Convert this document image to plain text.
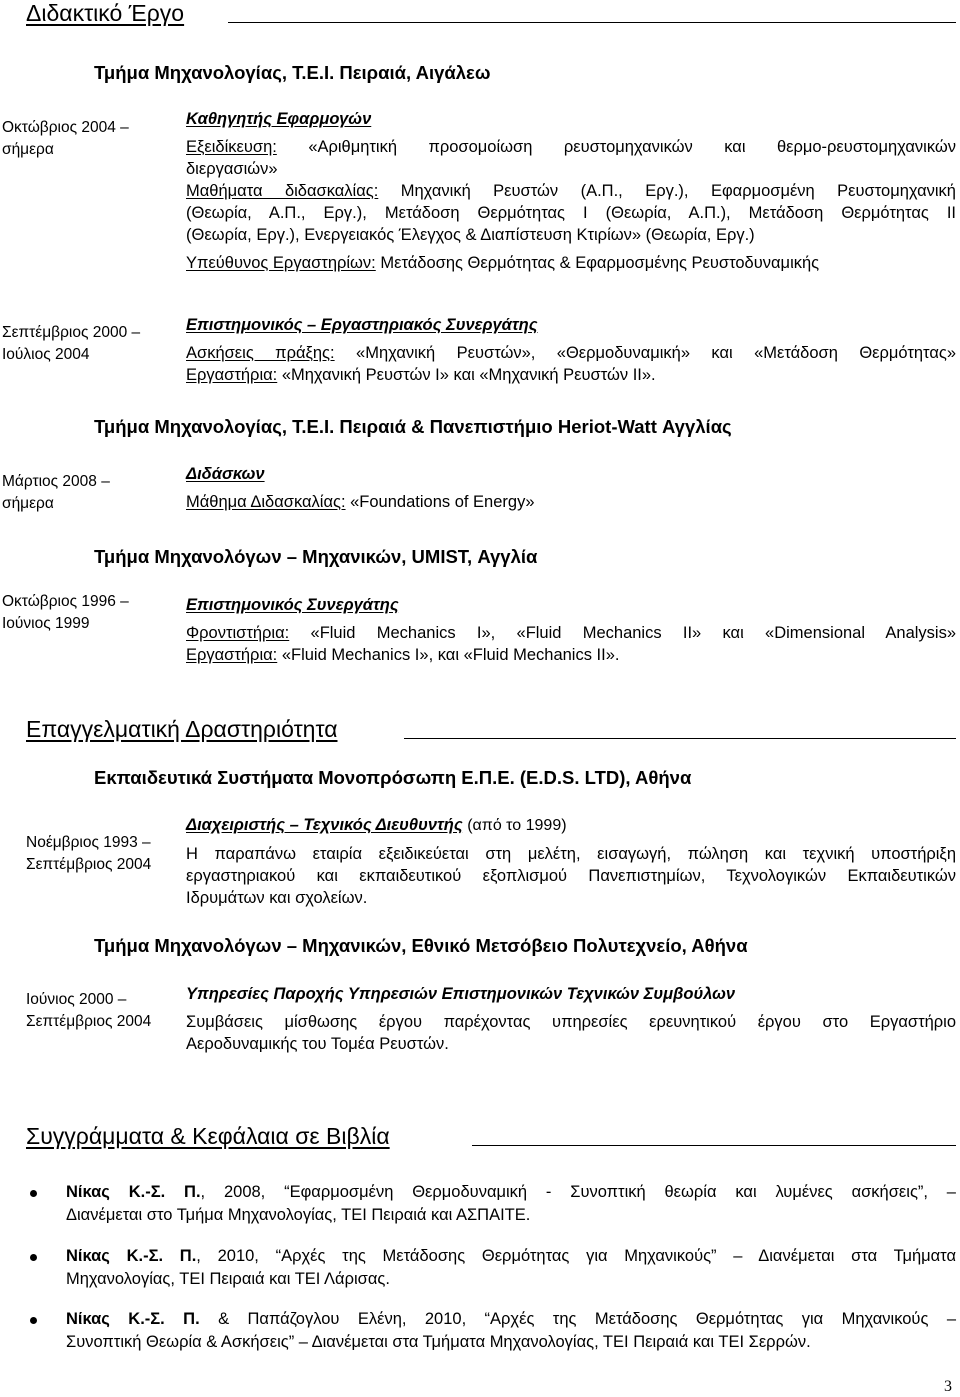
Διδακτικό Έργο
Τμήμα Μηχανολογίας, Τ.Ε.Ι. Πειραιά, Αιγάλεω
Οκτώβριος 2004 –
σήμερα
Καθηγητής Εφαρμογών
Εξειδίκευση: «Αριθμητική προσομοίωση ρευστομηχανικών και θερμο-ρευστομηχανικών
διεργασιών»
Μαθήματα διδασκαλίας: Μηχανική Ρευστών (Α.Π., Εργ.), Εφαρμοσμένη Ρευστομηχανική
(Θεωρία, Α.Π., Εργ.), Μετάδοση Θερμότητας Ι (Θεωρία, Α.Π.), Μετάδοση Θερμότητας ΙΙ
(Θεωρία, Εργ.), Ενεργειακός Έλεγχος & Διαπίστευση Κτιρίων» (Θεωρία, Εργ.)
Υπεύθυνος Εργαστηρίων: Μετάδοσης Θερμότητας & Εφαρμοσμένης Ρευστοδυναμικής
Σεπτέμβριος 2000 –
Ιούλιος 2004
Επιστημονικός – Εργαστηριακός Συνεργάτης
Ασκήσεις πράξης: «Μηχανική Ρευστών», «Θερμοδυναμική» και «Μετάδοση Θερμότητας»
Εργαστήρια: «Μηχανική Ρευστών Ι» και «Μηχανική Ρευστών ΙΙ».
Τμήμα Μηχανολογίας, Τ.Ε.Ι. Πειραιά & Πανεπιστήμιο Heriot-Watt Αγγλίας
Μάρτιος 2008 –
σήμερα
Διδάσκων
Μάθημα Διδασκαλίας: «Foundations of Energy»
Τμήμα Μηχανολόγων – Μηχανικών, UMIST, Αγγλία
Οκτώβριος 1996 –
Ιούνιος 1999
Επιστημονικός Συνεργάτης
Φροντιστήρια: «Fluid Mechanics I», «Fluid Mechanics II» και «Dimensional Analysis»
Εργαστήρια: «Fluid Mechanics I», και «Fluid Mechanics II».
Επαγγελματική Δραστηριότητα
Εκπαιδευτικά Συστήματα Μονοπρόσωπη Ε.Π.Ε. (E.D.S. LTD), Αθήνα
Νοέμβριος 1993 –
Σεπτέμβριος 2004
Διαχειριστής – Τεχνικός Διευθυντής (από το 1999)
Η παραπάνω εταιρία εξειδικεύεται στη μελέτη, εισαγωγή, πώληση και τεχνική υποστήριξη
εργαστηριακού και εκπαιδευτικού εξοπλισμού Πανεπιστημίων, Τεχνολογικών Εκπαιδευτικών
Ιδρυμάτων και σχολείων.
Τμήμα Μηχανολόγων – Μηχανικών, Εθνικό Μετσόβειο Πολυτεχνείο, Αθήνα
Ιούνιος 2000 –
Σεπτέμβριος 2004
Υπηρεσίες Παροχής Υπηρεσιών Επιστημονικών Τεχνικών Συμβούλων
Συμβάσεις μίσθωσης έργου παρέχοντας υπηρεσίες ερευνητικού έργου στο Εργαστήριο
Αεροδυναμικής του Τομέα Ρευστών.
Συγγράμματα & Κεφάλαια σε Βιβλία
Νίκας Κ.-Σ. Π., 2008, “Εφαρμοσμένη Θερμοδυναμική - Συνοπτική θεωρία και λυμένες ασκήσεις”, –
Διανέμεται στο Τμήμα Μηχανολογίας, ΤΕΙ Πειραιά και ΑΣΠΑΙΤΕ.
Νίκας Κ.-Σ. Π., 2010, “Αρχές της Μετάδοσης Θερμότητας για Μηχανικούς” – Διανέμεται στα Τμήματα
Μηχανολογίας, ΤΕΙ Πειραιά και ΤΕΙ Λάρισας.
Νίκας Κ.-Σ. Π. & Παπάζογλου Ελένη, 2010, “Αρχές της Μετάδοσης Θερμότητας για Μηχανικούς –
Συνοπτική Θεωρία & Ασκήσεις” – Διανέμεται στα Τμήματα Μηχανολογίας, ΤΕΙ Πειραιά και ΤΕΙ Σερρών.
3
